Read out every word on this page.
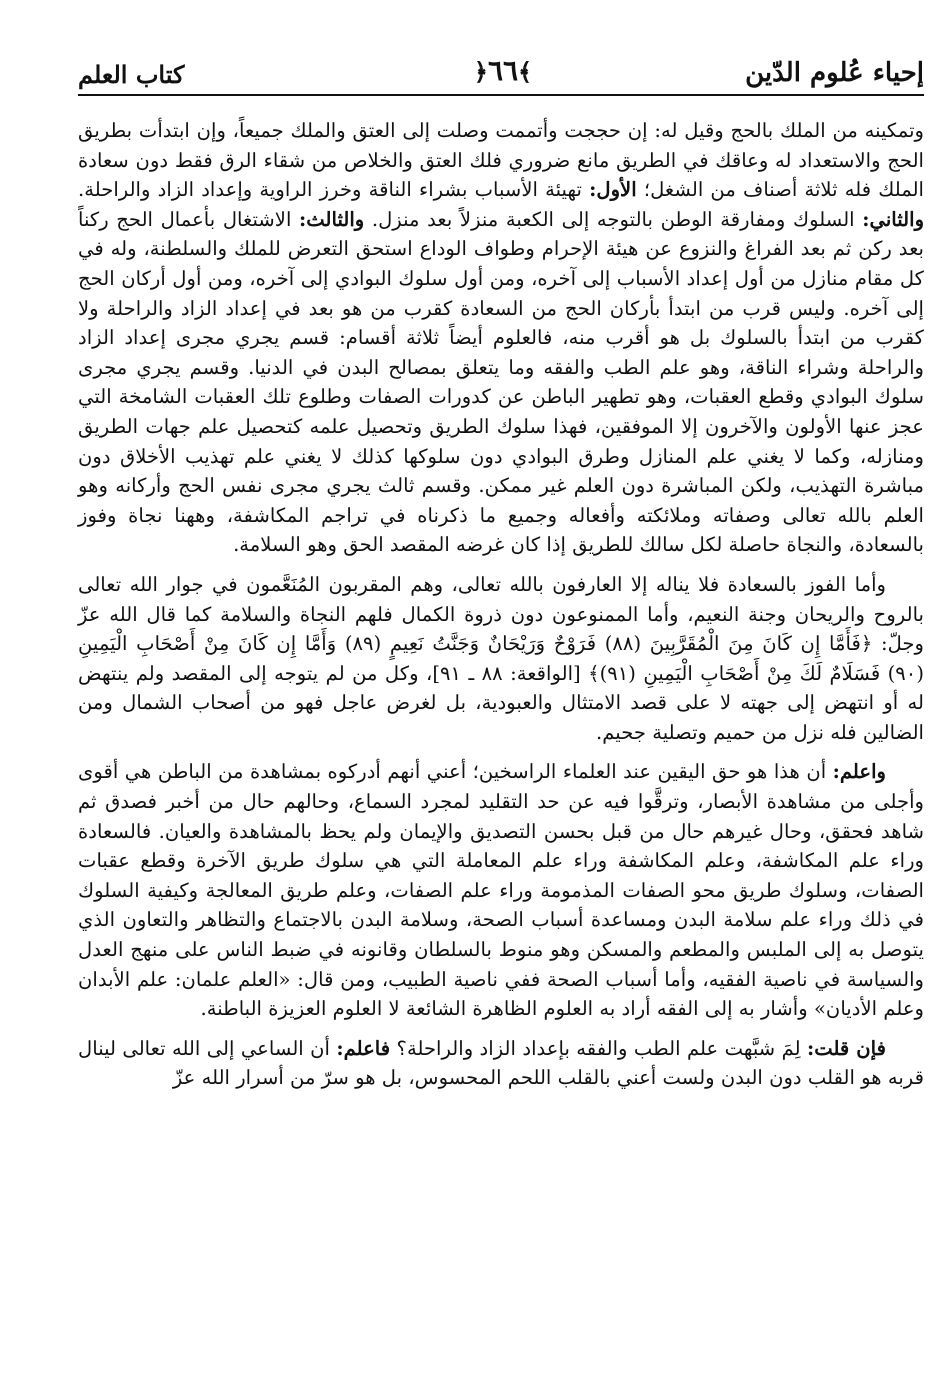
إحياء عُلوم الدّين
﴿٦٦﴾
كتاب العلم

وتمكينه من الملك بالحج وقيل له: إن حججت وأتممت وصلت إلى العتق والملك جميعاً، وإن ابتدأت بطريق الحج والاستعداد له وعاقك في الطريق مانع ضروري فلك العتق والخلاص من شقاء الرق فقط دون سعادة الملك فله ثلاثة أصناف من الشغل؛ الأول: تهيئة الأسباب بشراء الناقة وخرز الراوية وإعداد الزاد والراحلة. والثاني: السلوك ومفارقة الوطن بالتوجه إلى الكعبة منزلاً بعد منزل. والثالث: الاشتغال بأعمال الحج ركناً بعد ركن ثم بعد الفراغ والنزوع عن هيئة الإحرام وطواف الوداع استحق التعرض للملك والسلطنة، وله في كل مقام منازل من أول إعداد الأسباب إلى آخره، ومن أول سلوك البوادي إلى آخره، ومن أول أركان الحج إلى آخره. وليس قرب من ابتدأ بأركان الحج من السعادة كقرب من هو بعد في إعداد الزاد والراحلة ولا كقرب من ابتدأ بالسلوك بل هو أقرب منه، فالعلوم أيضاً ثلاثة أقسام: قسم يجري مجرى إعداد الزاد والراحلة وشراء الناقة، وهو علم الطب والفقه وما يتعلق بمصالح البدن في الدنيا. وقسم يجري مجرى سلوك البوادي وقطع العقبات، وهو تطهير الباطن عن كدورات الصفات وطلوع تلك العقبات الشامخة التي عجز عنها الأولون والآخرون إلا الموفقين، فهذا سلوك الطريق وتحصيل علمه كتحصيل علم جهات الطريق ومنازله، وكما لا يغني علم المنازل وطرق البوادي دون سلوكها كذلك لا يغني علم تهذيب الأخلاق دون مباشرة التهذيب، ولكن المباشرة دون العلم غير ممكن. وقسم ثالث يجري مجرى نفس الحج وأركانه وهو العلم بالله تعالى وصفاته وملائكته وأفعاله وجميع ما ذكرناه في تراجم المكاشفة، وههنا نجاة وفوز بالسعادة، والنجاة حاصلة لكل سالك للطريق إذا كان غرضه المقصد الحق وهو السلامة.

وأما الفوز بالسعادة فلا يناله إلا العارفون بالله تعالى، وهم المقربون المُنَعَّمون في جوار الله تعالى بالروح والريحان وجنة النعيم، وأما الممنوعون دون ذروة الكمال فلهم النجاة والسلامة كما قال الله عزّ وجلّ: ﴿فَأَمَّا إِن كَانَ مِنَ الْمُقَرَّبِينَ (٨٨) فَرَوْحٌ وَرَيْحَانٌ وَجَنَّتُ نَعِيمٍ (٨٩) وَأَمَّا إِن كَانَ مِنْ أَصْحَابِ الْيَمِينِ (٩٠) فَسَلَامٌ لَكَ مِنْ أَصْحَابِ الْيَمِينِ (٩١)﴾ [الواقعة: ٨٨ ـ ٩١]، وكل من لم يتوجه إلى المقصد ولم ينتهض له أو انتهض إلى جهته لا على قصد الامتثال والعبودية، بل لغرض عاجل فهو من أصحاب الشمال ومن الضالين فله نزل من حميم وتصلية جحيم.

واعلم: أن هذا هو حق اليقين عند العلماء الراسخين؛ أعني أنهم أدركوه بمشاهدة من الباطن هي أقوى وأجلى من مشاهدة الأبصار، وترقَّوا فيه عن حد التقليد لمجرد السماع، وحالهم حال من أخبر فصدق ثم شاهد فحقق، وحال غيرهم حال من قبل بحسن التصديق والإيمان ولم يحظ بالمشاهدة والعيان. فالسعادة وراء علم المكاشفة، وعلم المكاشفة وراء علم المعاملة التي هي سلوك طريق الآخرة وقطع عقبات الصفات، وسلوك طريق محو الصفات المذمومة وراء علم الصفات، وعلم طريق المعالجة وكيفية السلوك في ذلك وراء علم سلامة البدن ومساعدة أسباب الصحة، وسلامة البدن بالاجتماع والتظاهر والتعاون الذي يتوصل به إلى الملبس والمطعم والمسكن وهو منوط بالسلطان وقانونه في ضبط الناس على منهج العدل والسياسة في ناصية الفقيه، وأما أسباب الصحة ففي ناصية الطبيب، ومن قال: «العلم علمان: علم الأبدان وعلم الأديان» وأشار به إلى الفقه أراد به العلوم الظاهرة الشائعة لا العلوم العزيزة الباطنة.

فإن قلت: لِمَ شبَّهت علم الطب والفقه بإعداد الزاد والراحلة؟ فاعلم: أن الساعي إلى الله تعالى لينال قربه هو القلب دون البدن ولست أعني بالقلب اللحم المحسوس، بل هو سرّ من أسرار الله عزّ
